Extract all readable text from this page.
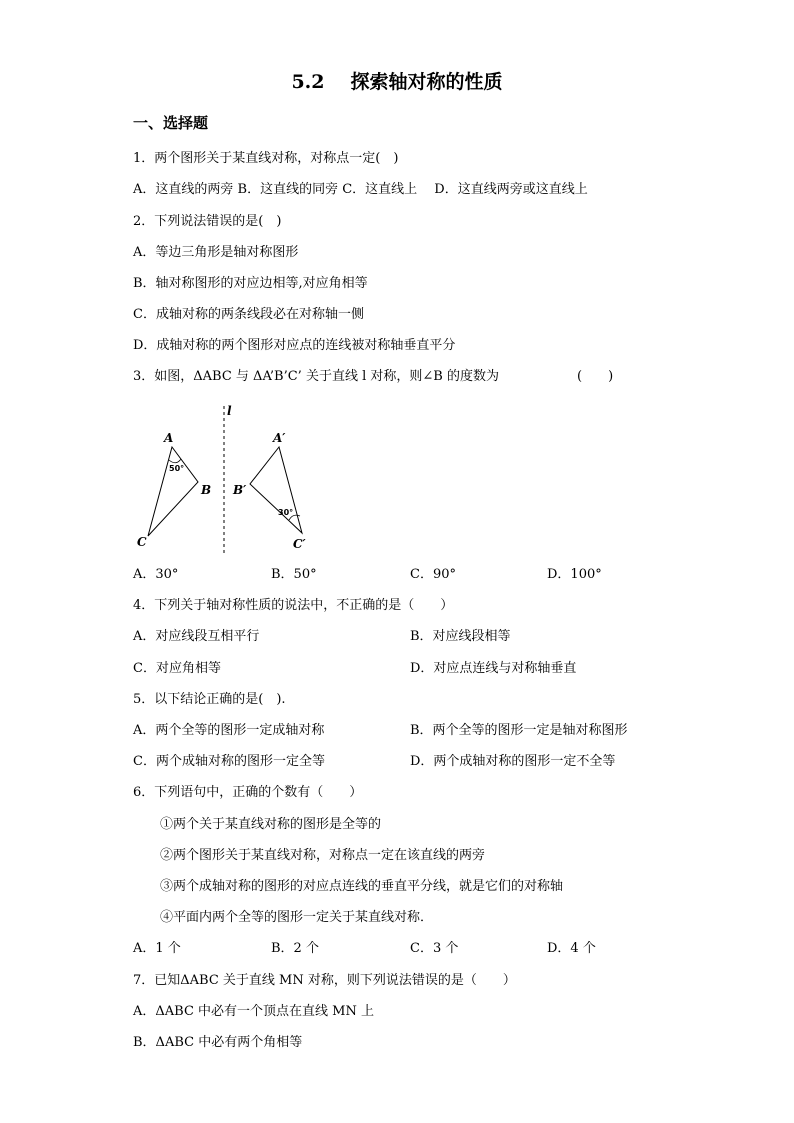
5.2 探索轴对称的性质
一、选择题
1．两个图形关于某直线对称，对称点一定(　)
A．这直线的两旁 B．这直线的同旁 C．这直线上　 D．这直线两旁或这直线上
2．下列说法错误的是(　)
A．等边三角形是轴对称图形
B．轴对称图形的对应边相等,对应角相等
C．成轴对称的两条线段必在对称轴一侧
D．成轴对称的两个图形对应点的连线被对称轴垂直平分
3．如图，ΔABC 与 ΔA’B’C’ 关于直线 l 对称，则∠B 的度数为	(　　)
l
A
B
C
50°
A′
B′
C′
30°
A．30°	B．50°	C．90°	D．100°
4．下列关于轴对称性质的说法中，不正确的是（　　）
A．对应线段互相平行	B．对应线段相等
C．对应角相等	D．对应点连线与对称轴垂直
5．以下结论正确的是(　).
A．两个全等的图形一定成轴对称	B．两个全等的图形一定是轴对称图形
C．两个成轴对称的图形一定全等	D．两个成轴对称的图形一定不全等
6．下列语句中，正确的个数有（　　）
①两个关于某直线对称的图形是全等的
②两个图形关于某直线对称，对称点一定在该直线的两旁
③两个成轴对称的图形的对应点连线的垂直平分线，就是它们的对称轴
④平面内两个全等的图形一定关于某直线对称．
A．1 个	B．2 个	C．3 个	D．4 个
7．已知ΔABC 关于直线 MN 对称，则下列说法错误的是（　　）
A．ΔABC 中必有一个顶点在直线 MN 上
B．ΔABC 中必有两个角相等
